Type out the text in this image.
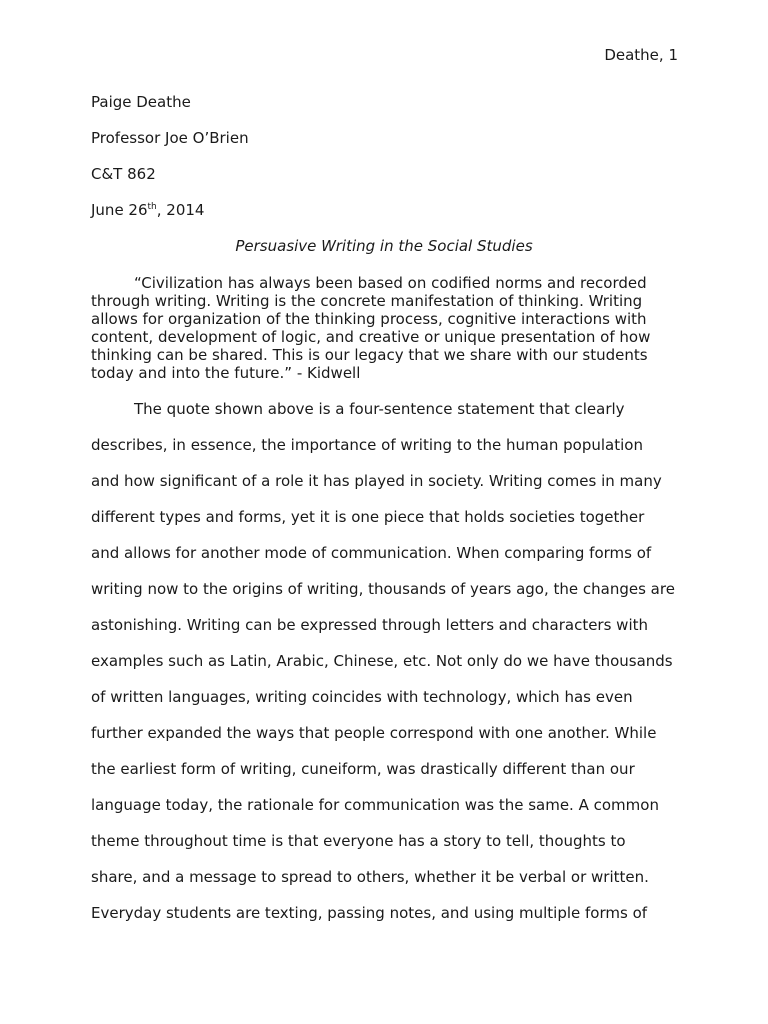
Deathe, 1
Paige Deathe
Professor Joe O’Brien
C&T 862
June 26th, 2014
Persuasive Writing in the Social Studies
“Civilization has always been based on codified norms and recorded
through writing. Writing is the concrete manifestation of thinking. Writing
allows for organization of the thinking process, cognitive interactions with
content, development of logic, and creative or unique presentation of how
thinking can be shared. This is our legacy that we share with our students
today and into the future.” - Kidwell
The quote shown above is a four-sentence statement that clearly
describes, in essence, the importance of writing to the human population
and how significant of a role it has played in society. Writing comes in many
different types and forms, yet it is one piece that holds societies together
and allows for another mode of communication. When comparing forms of
writing now to the origins of writing, thousands of years ago, the changes are
astonishing. Writing can be expressed through letters and characters with
examples such as Latin, Arabic, Chinese, etc. Not only do we have thousands
of written languages, writing coincides with technology, which has even
further expanded the ways that people correspond with one another. While
the earliest form of writing, cuneiform, was drastically different than our
language today, the rationale for communication was the same. A common
theme throughout time is that everyone has a story to tell, thoughts to
share, and a message to spread to others, whether it be verbal or written.
Everyday students are texting, passing notes, and using multiple forms of
